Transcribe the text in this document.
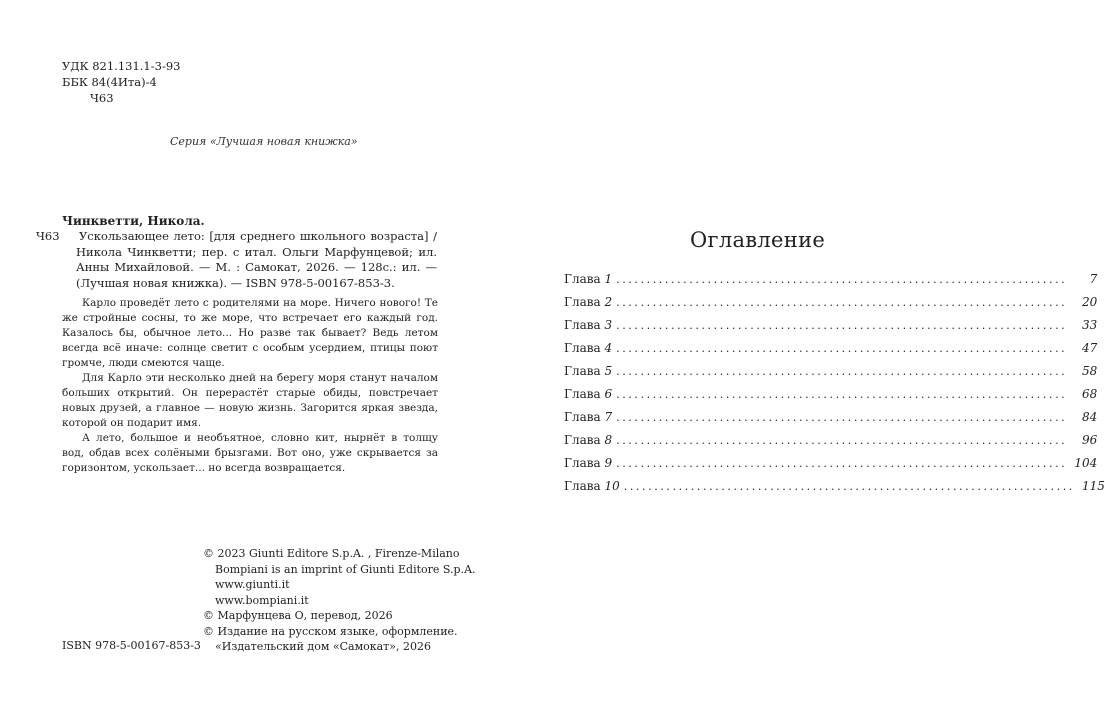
УДК 821.131.1-3-93
ББК 84(4Ита)-4
Ч63
Серия «Лучшая новая книжка»
Чинкветти, Никола.
Ч63 Ускользающее лето: [для среднего школьного возраста] / Никола Чинкветти; пер. с итал. Ольги Марфунцевой; ил. Анны Михайловой. — М. : Самокат, 2026. — 128с.: ил. — (Лучшая новая книжка). — ISBN 978-5-00167-853-3.

Карло проведёт лето с родителями на море. Ничего нового! Те же стройные сосны, то же море, что встречает его каждый год. Казалось бы, обычное лето... Но разве так бывает? Ведь летом всегда всё иначе: солнце светит с особым усердием, птицы поют громче, люди смеются чаще.

Для Карло эти несколько дней на берегу моря станут началом больших открытий. Он перерастёт старые обиды, повстречает новых друзей, а главное — новую жизнь. Загорится яркая звезда, которой он подарит имя.

А лето, большое и необъятное, словно кит, нырнёт в толщу вод, обдав всех солёными брызгами. Вот оно, уже скрывается за горизонтом, ускользает... но всегда возвращается.

© 2023 Giunti Editore S.p.A. , Firenze-Milano
Bompiani is an imprint of Giunti Editore S.p.A.
www.giunti.it
www.bompiani.it
© Марфунцева О, перевод, 2026
© Издание на русском языке, оформление.
«Издательский дом «Самокат», 2026
ISBN 978-5-00167-853-3
Оглавление
Глава 1 ..........................................................................	7
Глава 2 ..........................................................................	20
Глава 3 ..........................................................................	33
Глава 4 ..........................................................................	47
Глава 5 ..........................................................................	58
Глава 6 ..........................................................................	68
Глава 7 ..........................................................................	84
Глава 8 ..........................................................................	96
Глава 9 .......................................................................... 104
Глава 10 .......................................................................... 115
